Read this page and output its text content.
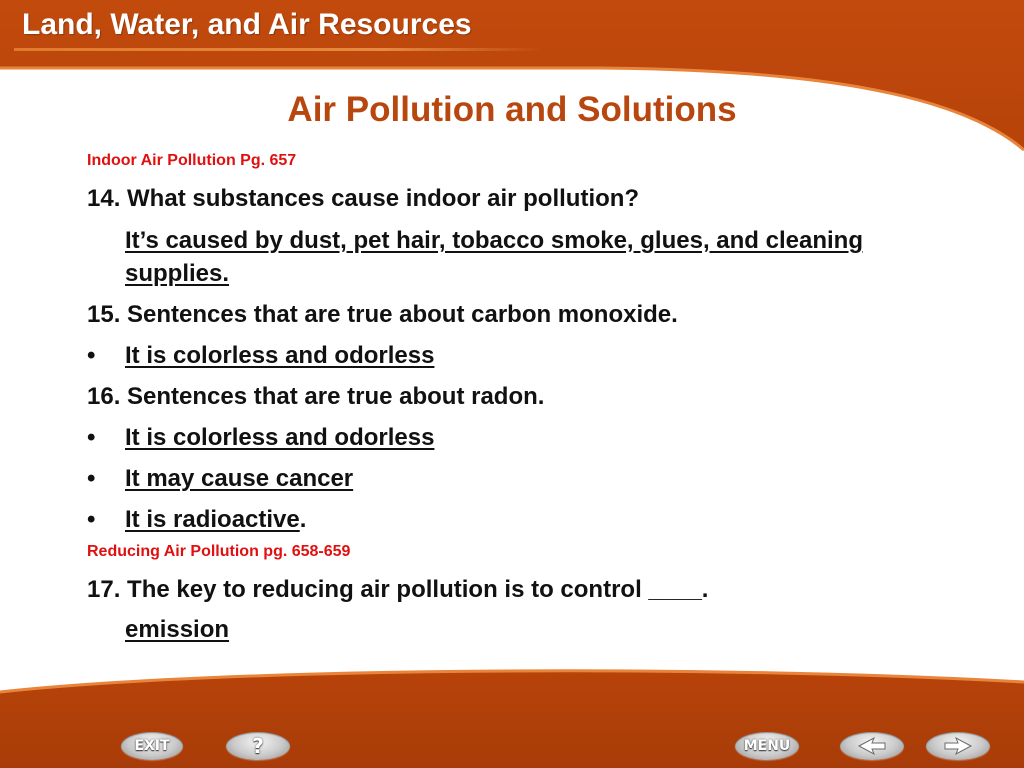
Land, Water, and Air Resources
Air Pollution and Solutions
Indoor Air Pollution Pg. 657
14. What substances cause indoor air pollution?
It’s caused by dust, pet hair, tobacco smoke, glues, and cleaning supplies.
15. Sentences that are true about carbon monoxide.
• It is colorless and odorless
16. Sentences that are true about radon.
• It is colorless and odorless
• It may cause cancer
• It is radioactive.
Reducing Air Pollution pg. 658-659
17. The key to reducing air pollution is to control ____.
emission
EXIT	?	MENU
